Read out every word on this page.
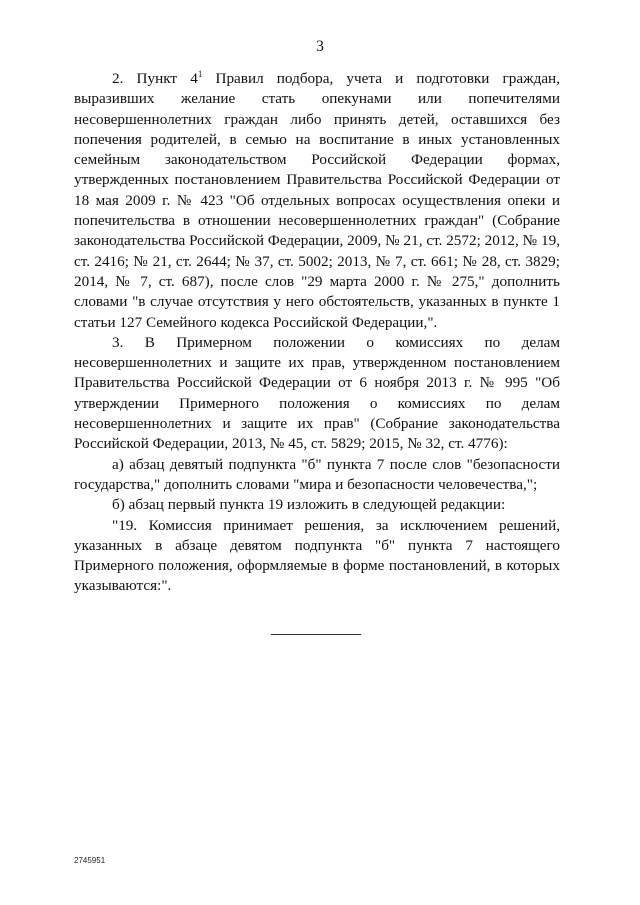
3

2. Пункт $4^1$ Правил подбора, учета и подготовки граждан, выразивших желание стать опекунами или попечителями несовершеннолетних граждан либо принять детей, оставшихся без попечения родителей, в семью на воспитание в иных установленных семейным законодательством Российской Федерации формах, утвержденных постановлением Правительства Российской Федерации от 18 мая 2009 г. № 423 "Об отдельных вопросах осуществления опеки и попечительства в отношении несовершеннолетних граждан" (Собрание законодательства Российской Федерации, 2009, № 21, ст. 2572; 2012, № 19, ст. 2416; № 21, ст. 2644; № 37, ст. 5002; 2013, № 7, ст. 661; № 28, ст. 3829; 2014, № 7, ст. 687), после слов "29 марта 2000 г. № 275," дополнить словами "в случае отсутствия у него обстоятельств, указанных в пункте 1 статьи 127 Семейного кодекса Российской Федерации,".

3. В Примерном положении о комиссиях по делам несовершеннолетних и защите их прав, утвержденном постановлением Правительства Российской Федерации от 6 ноября 2013 г. № 995 "Об утверждении Примерного положения о комиссиях по делам несовершеннолетних и защите их прав" (Собрание законодательства Российской Федерации, 2013, № 45, ст. 5829; 2015, № 32, ст. 4776):

а) абзац девятый подпункта "б" пункта 7 после слов "безопасности государства," дополнить словами "мира и безопасности человечества,";

б) абзац первый пункта 19 изложить в следующей редакции:

"19. Комиссия принимает решения, за исключением решений, указанных в абзаце девятом подпункта "б" пункта 7 настоящего Примерного положения, оформляемые в форме постановлений, в которых указываются:".

2745951
